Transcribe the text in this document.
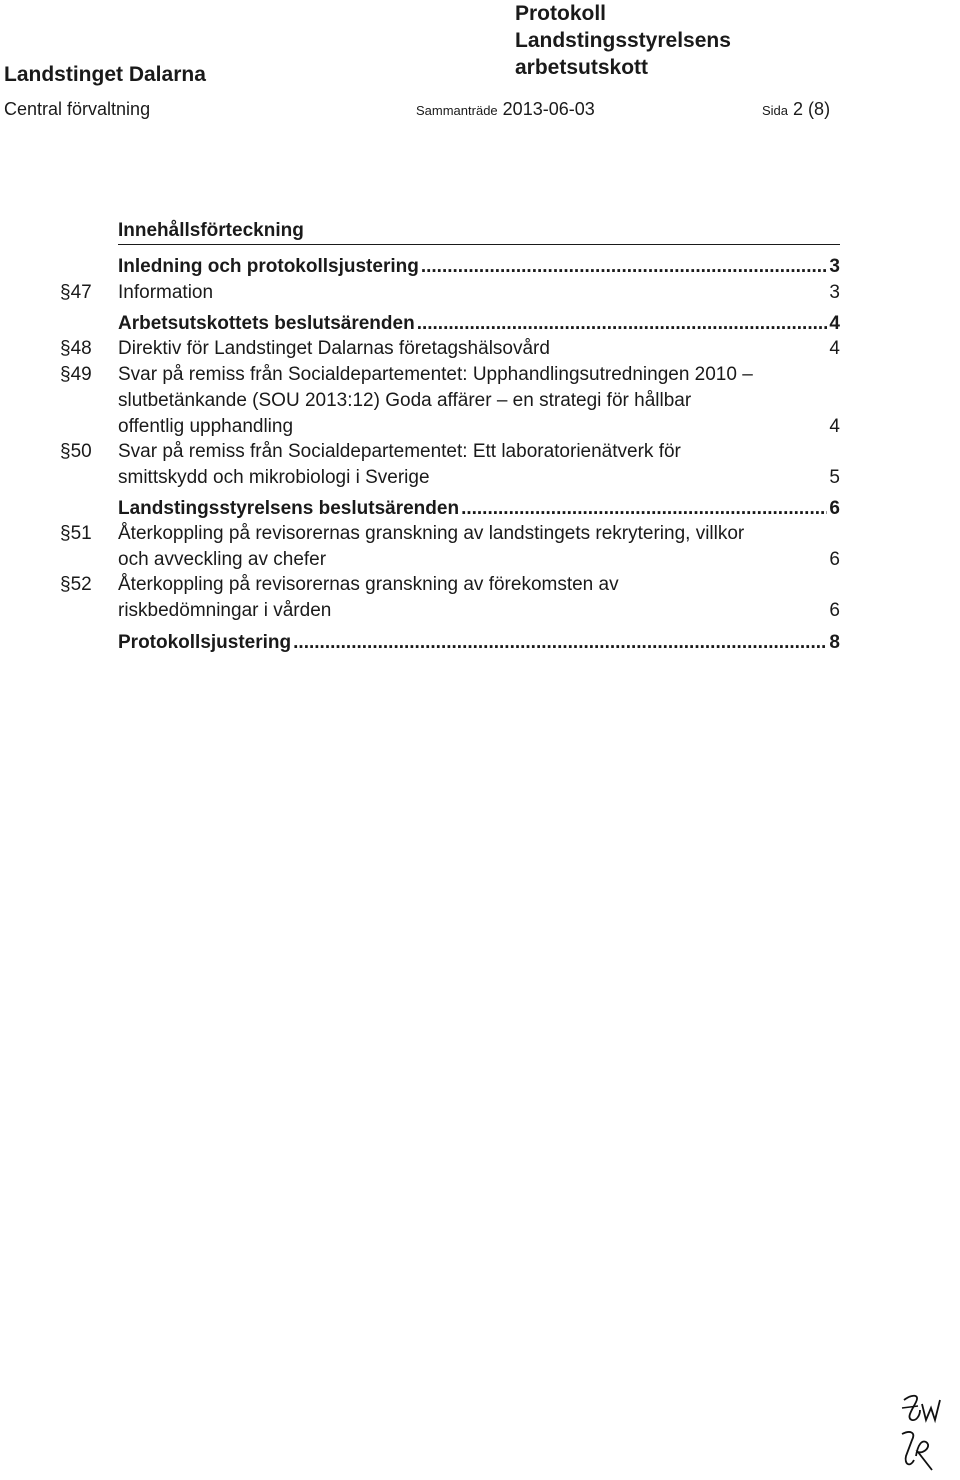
Protokoll
Landstingsstyrelsens
Landstinget Dalarna	arbetsutskott
Central förvaltning	Sammanträde 2013-06-03	Sida 2 (8)
Innehållsförteckning
Inledning och protokollsjustering .....	3
§47 Information	3
Arbetsutskottets beslutsärenden .....	4
§48 Direktiv för Landstinget Dalarnas företagshälsovård	4
§49 Svar på remiss från Socialdepartementet: Upphandlingsutredningen 2010 –
slutbetänkande (SOU 2013:12) Goda affärer – en strategi för hållbar
offentlig upphandling	4
§50 Svar på remiss från Socialdepartementet: Ett laboratorienätverk för
smittskydd och mikrobiologi i Sverige	5
Landstingsstyrelsens beslutsärenden .....	6
§51 Återkoppling på revisorernas granskning av landstingets rekrytering, villkor
och avveckling av chefer	6
§52 Återkoppling på revisorernas granskning av förekomsten av
riskbedömningar i vården	6
Protokollsjustering .....	8
